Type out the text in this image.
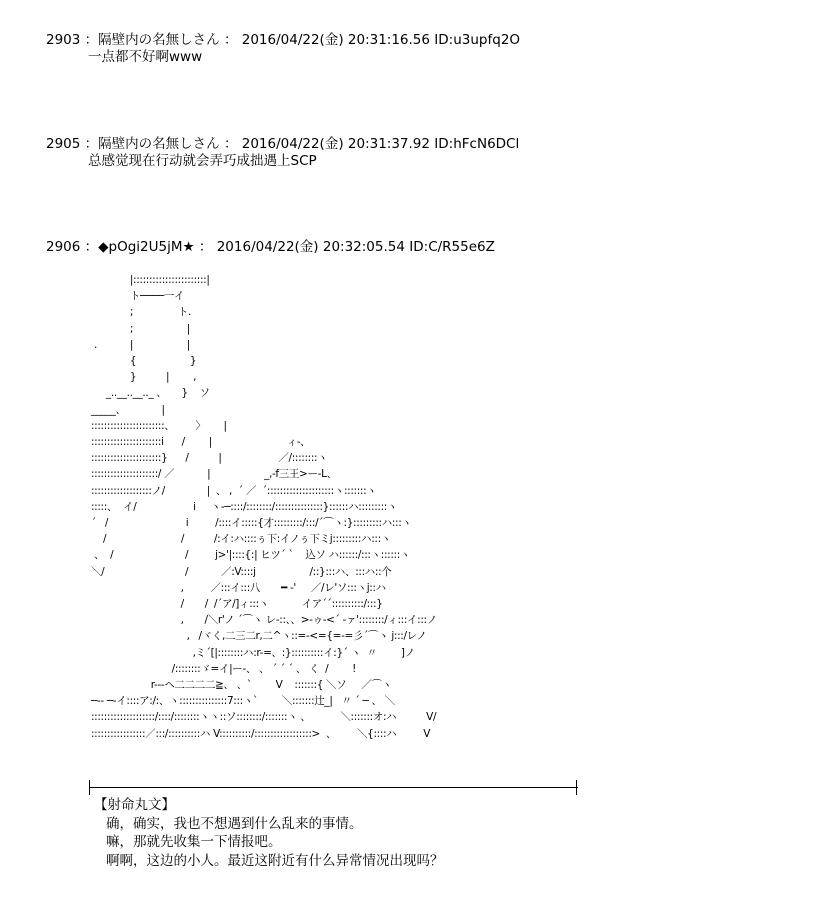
2903 ：隔壁内の名無しさん ： 2016/04/22(金) 20:31:16.56 ID:u3upfq2O
一点都不好啊www
2905 ：隔壁内の名無しさん ： 2016/04/22(金) 20:31:37.92 ID:hFcN6DCl
总感觉现在行动就会弄巧成拙遇上SCP
2906 ：◆pOgi2U5jM★ ： 2016/04/22(金) 20:32:05.54 ID:C/R55e6Z
|:::::::::::::::::::::::|
ト────一イ
;               ト.
;                  |
.           |                  |
{                  }
}          |        ,
_..__..__.._ 、     }    ソ
_____、            |
:::::::::::::::::::::::、       〉      |
::::::::::::::::::::::i      /        |                         ィ-、
::::::::::::::::::::::}      /          |                   ／/::::::::ヽ
:::::::::::::::::::::/ ／           |                  _,-f三王>ー-L、
:::::::::::::::::::ノ/              |  、 ,  ´ ／  ´:::::::::::::::::::::ヽ:::::::ヽ
:::::、  イ/                   i     ヽ-─::::/::::::::/:::::::::::::::}::::::ハ:::::::::ヽ
´   /                          i         /::::イ:::::{才:::::::::/:::/´⌒ヽ:}:::::::::ハ:::ヽ
/                         /          /:イ:ハ::::ぅ下:イノぅ下ミj:::::::::ハ:::ヽ
、  /                        /         j>'|::::{:| ヒツ´ `    込ソ ハ::::::/:::ヽ::::::ヽ
＼/                           /           ／:V::::j                  /::}:::ハ、:::ハ::个
,         ／:::イ:::八       ━ -'     ／/レ'ソ:::ヽj::ハ
/       /  /´ア/]ィ:::ヽ           イア´´::::::::::/:::}
,       /＼r'ノ ´⌒ヽ レ-::、、>-ゥ-<´ -ァ'::::::::/ィ:::イ:::ノ
,   /ヾく,二三二r,二^ヽ::=-<={=-=彡´⌒ヽ j:::/レノ
,ミ´[|::::::::ハ:r-=、:}::::::::::イ:}´ ヽ  〃        ]ノ
/::::::::ゞ=イ|ー-、 、 ´ ´ ´ 、 く  /        !
r---ヘ二二二二≧、 、`        V    :::::::{ ＼ソ     ／⌒ヽ
─-- ─-イ::::ア:/:、ヽ:::::::::::::::7:::ヽ`        ＼:::::::辻_|   〃 ´ ─ 、 ＼
::::::::::::::::::::/::::/::::::::ヽヽ::ソ::::::::/:::::::ヽ 、          ＼:::::::オ:ハ          V/
:::::::::::::::::／:::/::::::::::ハ V::::::::::/::::::::::::::::::>  、       ＼{::::ハ         V
【射命丸文】
确，确实，我也不想遇到什么乱来的事情。
嘛，那就先收集一下情报吧。
啊啊，这边的小人。最近这附近有什么异常情况出现吗？
